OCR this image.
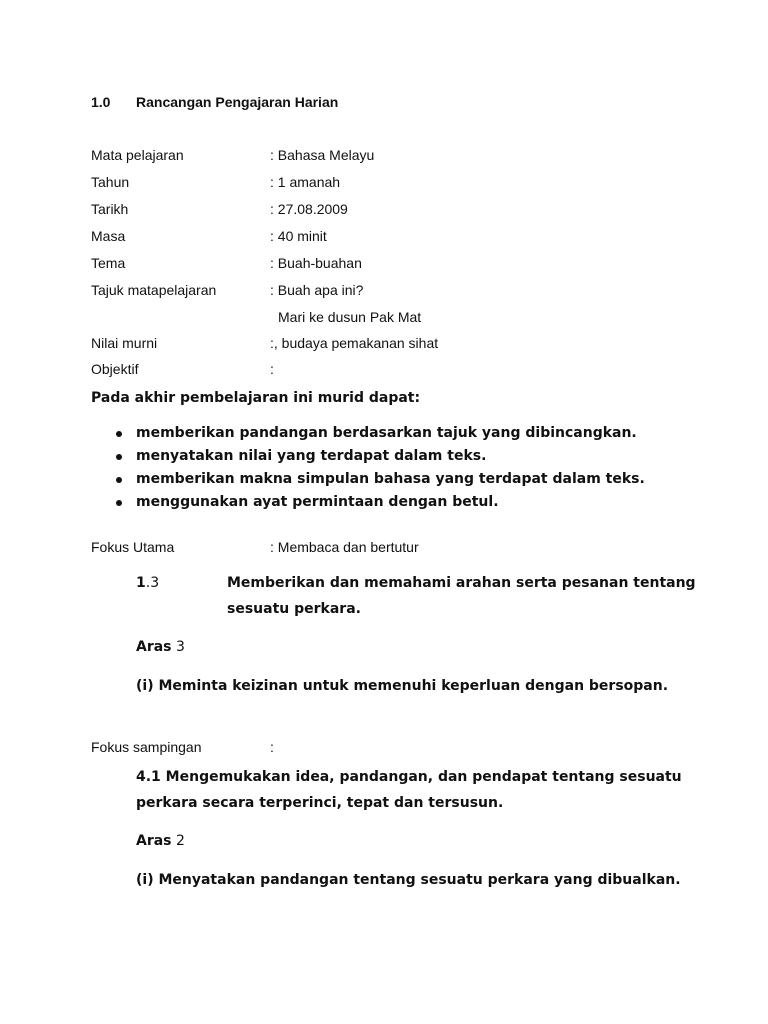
1.0 Rancangan Pengajaran Harian
Mata pelajaran	: Bahasa Melayu
Tahun	: 1 amanah
Tarikh	: 27.08.2009
Masa	: 40 minit
Tema	: Buah-buahan
Tajuk matapelajaran	: Buah apa ini?
Mari ke dusun Pak Mat
Nilai murni	:, budaya pemakanan sihat
Objektif	:
Pada akhir pembelajaran ini murid dapat:
memberikan pandangan berdasarkan tajuk yang dibincangkan.
menyatakan nilai yang terdapat dalam teks.
memberikan makna simpulan bahasa yang terdapat dalam teks.
menggunakan ayat permintaan dengan betul.
Fokus Utama	: Membaca dan bertutur
1.3	Memberikan dan memahami arahan serta pesanan tentang
sesuatu perkara.
Aras 3
(i) Meminta keizinan untuk memenuhi keperluan dengan bersopan.
Fokus sampingan	:
4.1 Mengemukakan idea, pandangan, dan pendapat tentang sesuatu
perkara secara terperinci, tepat dan tersusun.
Aras 2
(i) Menyatakan pandangan tentang sesuatu perkara yang dibualkan.
